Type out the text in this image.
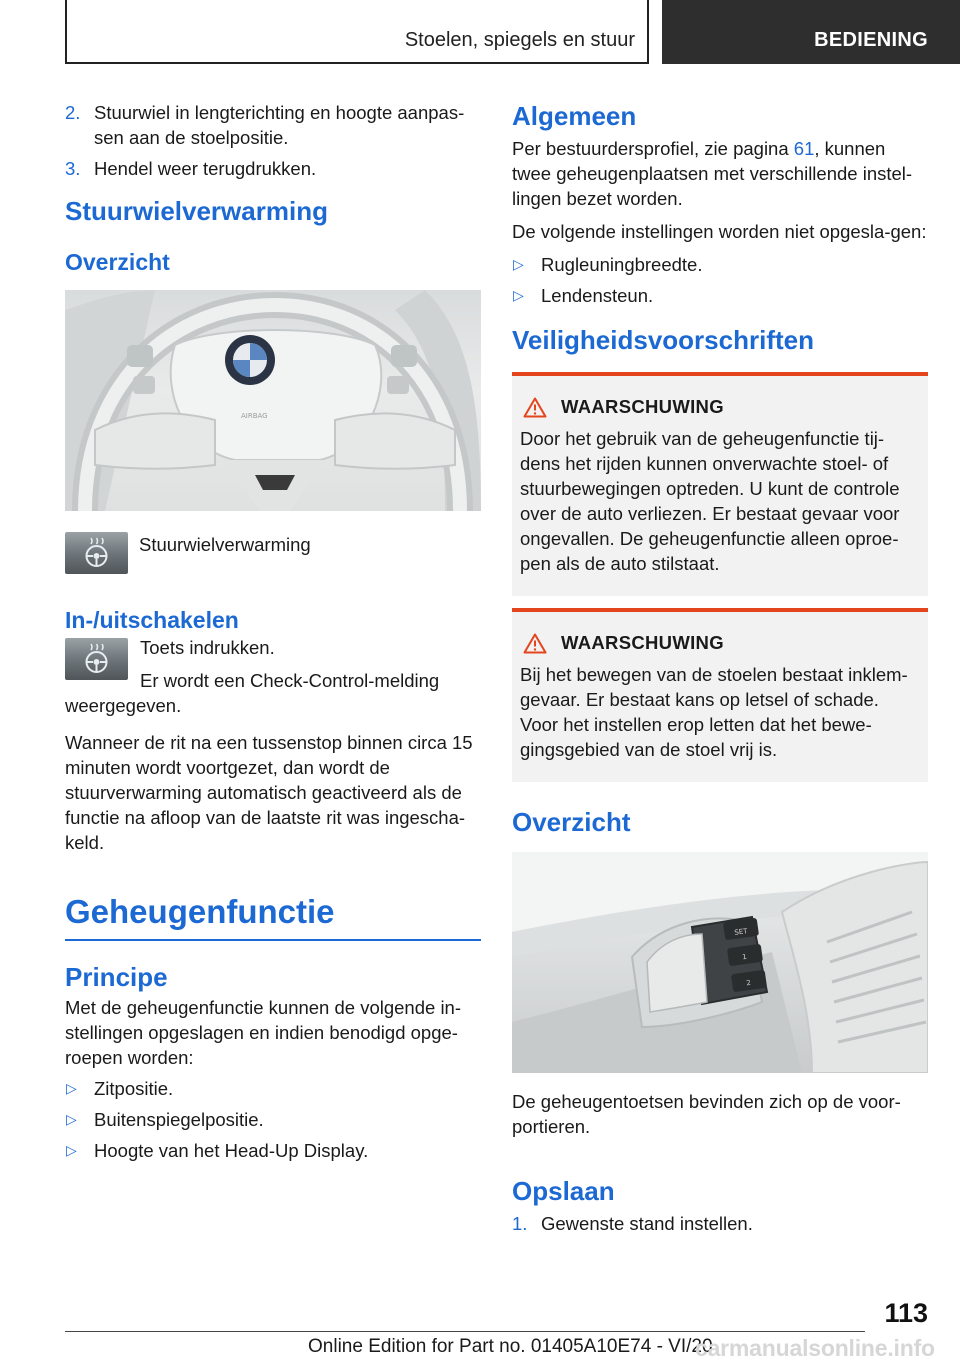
Stoelen, spiegels en stuur	BEDIENING
2. Stuurwiel in lengterichting en hoogte aanpas-sen aan de stoelpositie.
3. Hendel weer terugdrukken.
Stuurwielverwarming
Overzicht
AIRBAG

Stuurwielverwarming

In-/uitschakelen

Toets indrukken.

Er wordt een Check-Control-melding weergegeven.

Wanneer de rit na een tussenstop binnen circa 15 minuten wordt voortgezet, dan wordt de stuurverwarming automatisch geactiveerd als de functie na afloop van de laatste rit was ingescha-keld.

Geheugenfunctie
Principe

Met de geheugenfunctie kunnen de volgende in-stellingen opgeslagen en indien benodigd opge-roepen worden:

▷ Zitpositie.
▷ Buitenspiegelpositie.
▷ Hoogte van het Head-Up Display.
Algemeen

Per bestuurdersprofiel, zie pagina 61, kunnen twee geheugenplaatsen met verschillende instel-lingen bezet worden.

De volgende instellingen worden niet opgesla-gen:

▷ Rugleuningbreedte.
▷ Lendensteun.
Veiligheidsvoorschriften
WAARSCHUWING

Door het gebruik van de geheugenfunctie tij-dens het rijden kunnen onverwachte stoel- of stuurbewegingen optreden. U kunt de controle over de auto verliezen. Er bestaat gevaar voor ongevallen. De geheugenfunctie alleen oproe-pen als de auto stilstaat.

WAARSCHUWING

Bij het bewegen van de stoelen bestaat inklem-gevaar. Er bestaat kans op letsel of schade. Voor het instellen erop letten dat het bewe-gingsgebied van de stoel vrij is.

Overzicht
SET
1
2

De geheugentoetsen bevinden zich op de voor-portieren.

Opslaan
1. Gewenste stand instellen.
113
Online Edition for Part no. 01405A10E74 - VI/20
carmanualsonline.info
